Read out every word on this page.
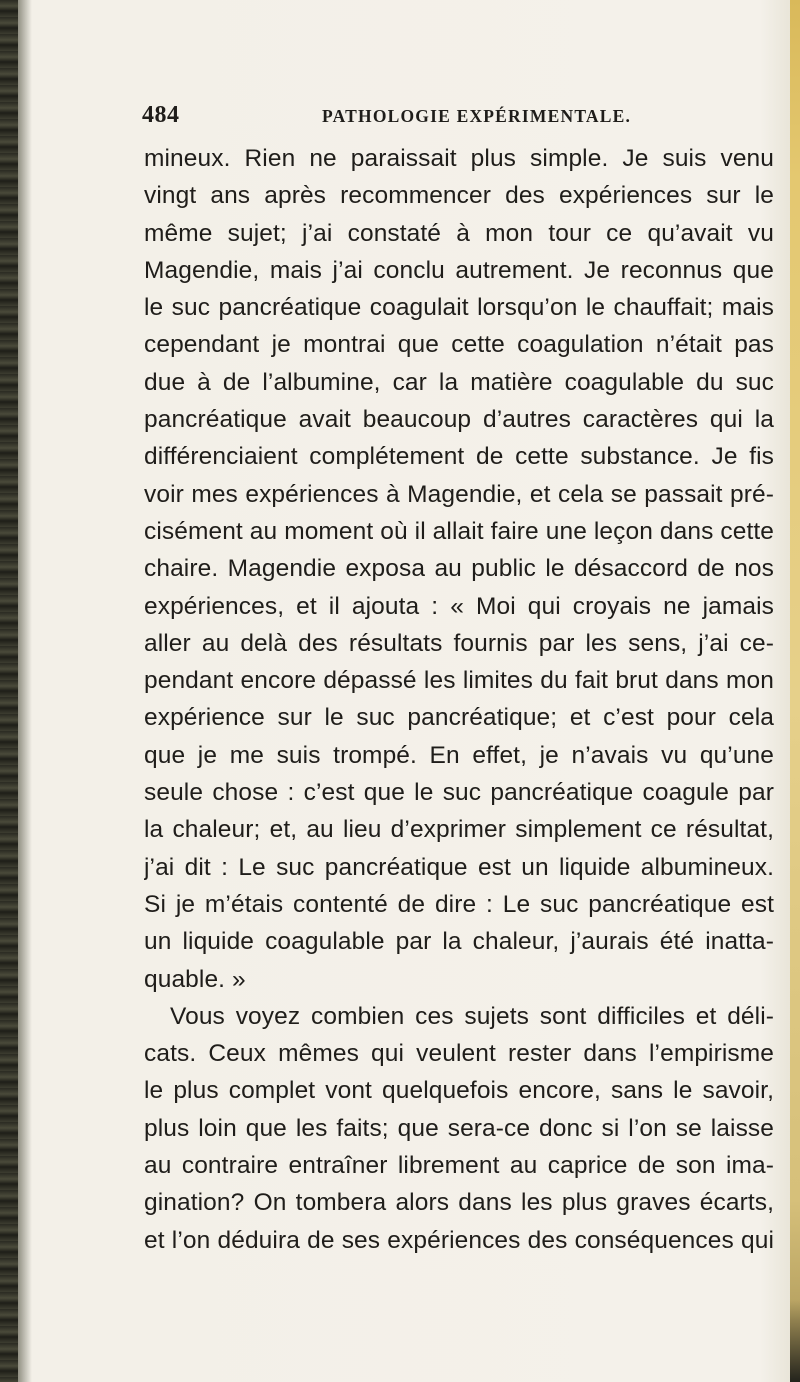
484	PATHOLOGIE EXPÉRIMENTALE.
mineux. Rien ne paraissait plus simple. Je suis venu
vingt ans après recommencer des expériences sur le
même sujet; j’ai constaté à mon tour ce qu’avait vu
Magendie, mais j’ai conclu autrement. Je reconnus que
le suc pancréatique coagulait lorsqu’on le chauffait; mais
cependant je montrai que cette coagulation n’était pas
due à de l’albumine, car la matière coagulable du suc
pancréatique avait beaucoup d’autres caractères qui la
différenciaient complétement de cette substance. Je fis
voir mes expériences à Magendie, et cela se passait pré-
cisément au moment où il allait faire une leçon dans cette
chaire. Magendie exposa au public le désaccord de nos
expériences, et il ajouta : « Moi qui croyais ne jamais
aller au delà des résultats fournis par les sens, j’ai ce-
pendant encore dépassé les limites du fait brut dans mon
expérience sur le suc pancréatique; et c’est pour cela
que je me suis trompé. En effet, je n’avais vu qu’une
seule chose : c’est que le suc pancréatique coagule par
la chaleur; et, au lieu d’exprimer simplement ce résultat,
j’ai dit : Le suc pancréatique est un liquide albumineux.
Si je m’étais contenté de dire : Le suc pancréatique est
un liquide coagulable par la chaleur, j’aurais été inatta-
quable. »
Vous voyez combien ces sujets sont difficiles et déli-
cats. Ceux mêmes qui veulent rester dans l’empirisme
le plus complet vont quelquefois encore, sans le savoir,
plus loin que les faits; que sera-ce donc si l’on se laisse
au contraire entraîner librement au caprice de son ima-
gination? On tombera alors dans les plus graves écarts,
et l’on déduira de ses expériences des conséquences qui
